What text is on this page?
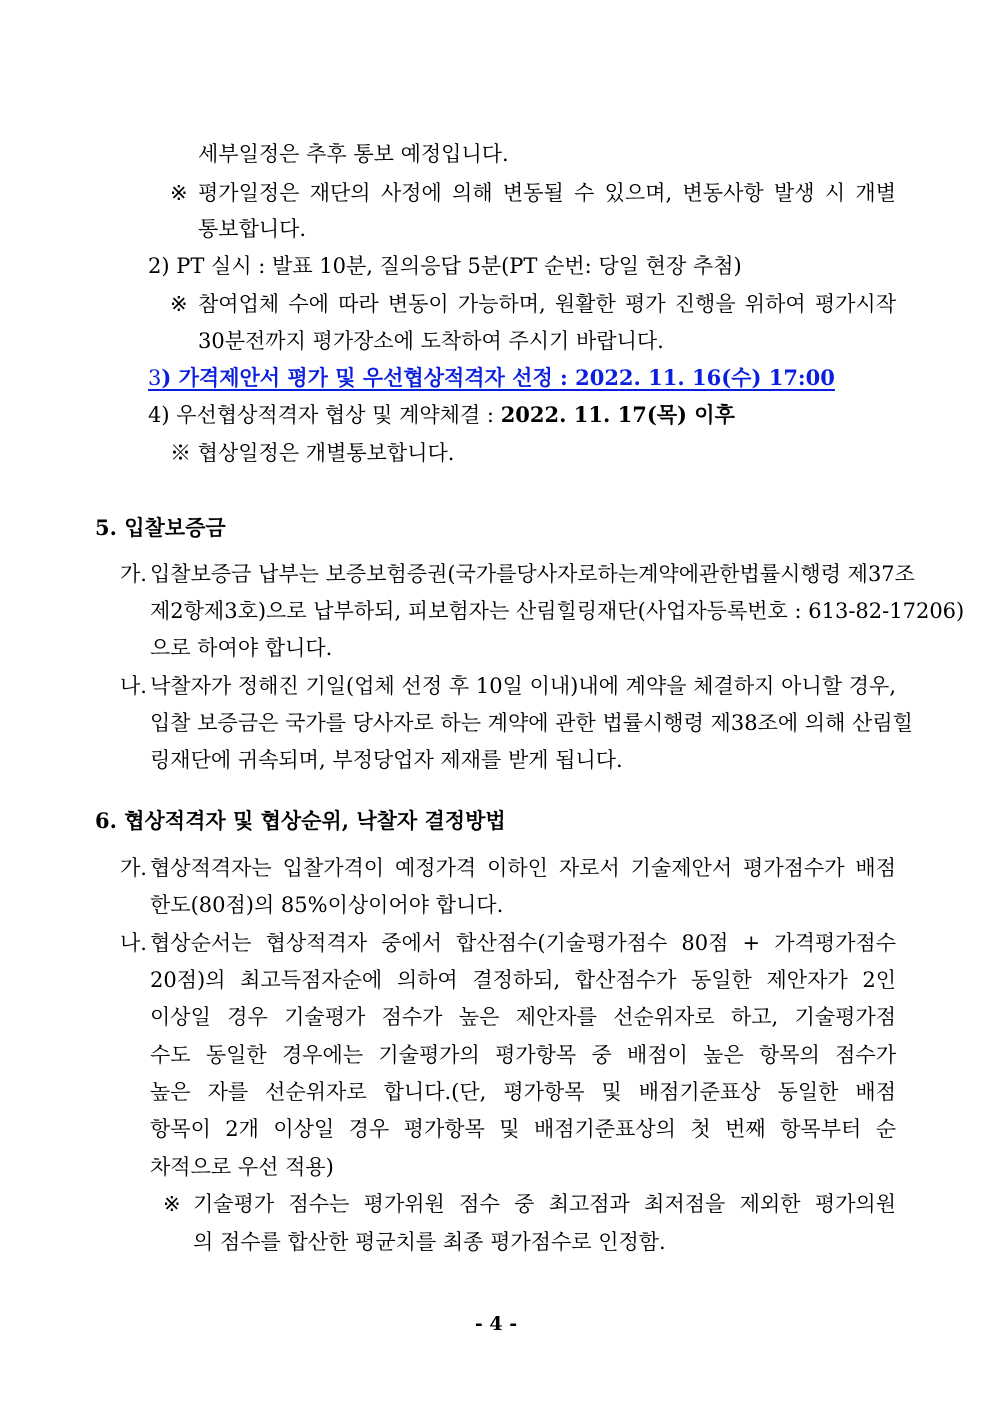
세부일정은 추후 통보 예정입니다.
※ 평가일정은 재단의 사정에 의해 변동될 수 있으며, 변동사항 발생 시 개별
통보합니다.
2) PT 실시 : 발표 10분, 질의응답 5분(PT 순번: 당일 현장 추첨)
※ 참여업체 수에 따라 변동이 가능하며, 원활한 평가 진행을 위하여 평가시작
30분전까지 평가장소에 도착하여 주시기 바랍니다.
3) 가격제안서 평가 및 우선협상적격자 선정 : 2022. 11. 16(수) 17:00
4) 우선협상적격자 협상 및 계약체결 : 2022. 11. 17(목) 이후
※ 협상일정은 개별통보합니다.
5. 입찰보증금
가. 입찰보증금 납부는 보증보험증권(국가를당사자로하는계약에관한법률시행령 제37조
제2항제3호)으로 납부하되, 피보험자는 산림힐링재단(사업자등록번호 : 613-82-17206)
으로 하여야 합니다.
나. 낙찰자가 정해진 기일(업체 선정 후 10일 이내)내에 계약을 체결하지 아니할 경우,
입찰 보증금은 국가를 당사자로 하는 계약에 관한 법률시행령 제38조에 의해 산림힐
링재단에 귀속되며, 부정당업자 제재를 받게 됩니다.
6. 협상적격자 및 협상순위, 낙찰자 결정방법
가. 협상적격자는 입찰가격이 예정가격 이하인 자로서 기술제안서 평가점수가 배점
한도(80점)의 85%이상이어야 합니다.
나. 협상순서는 협상적격자 중에서 합산점수(기술평가점수 80점 + 가격평가점수
20점)의 최고득점자순에 의하여 결정하되, 합산점수가 동일한 제안자가 2인
이상일 경우 기술평가 점수가 높은 제안자를 선순위자로 하고, 기술평가점
수도 동일한 경우에는 기술평가의 평가항목 중 배점이 높은 항목의 점수가
높은 자를 선순위자로 합니다.(단, 평가항목 및 배점기준표상 동일한 배점
항목이 2개 이상일 경우 평가항목 및 배점기준표상의 첫 번째 항목부터 순
차적으로 우선 적용)
※ 기술평가 점수는 평가위원 점수 중 최고점과 최저점을 제외한 평가의원
의 점수를 합산한 평균치를 최종 평가점수로 인정함.
- 4 -
